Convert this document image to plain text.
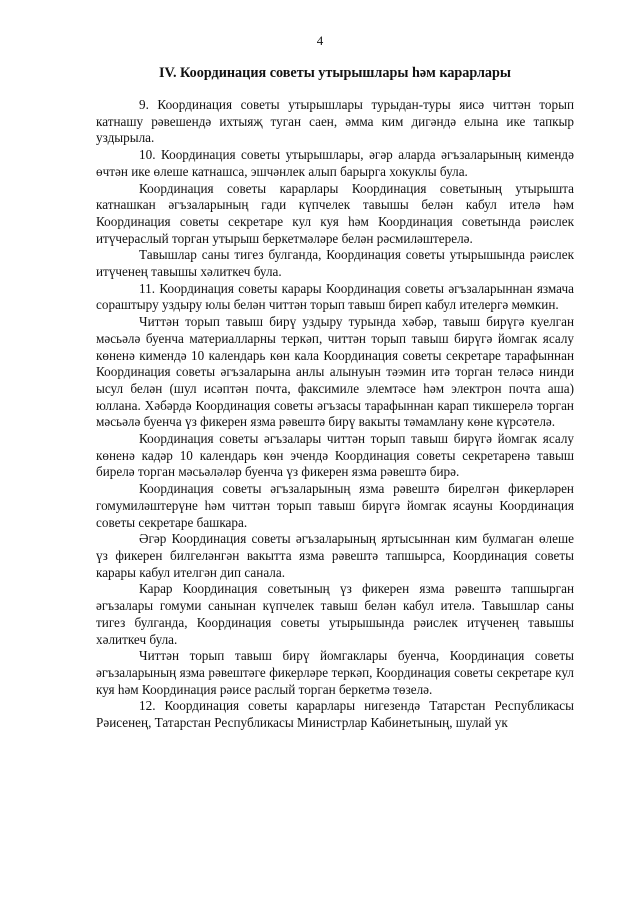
4
IV. Координация советы утырышлары һәм карарлары

9. Координация советы утырышлары турыдан-туры яисә читтән торып катнашу рәвешендә ихтыяҗ туган саен, әмма ким дигәндә елына ике тапкыр уздырыла.

10. Координация советы утырышлары, әгәр аларда әгъзаларының кимендә өчтән ике өлеше катнашса, эшчәнлек алып барырга хокуклы була.

Координация советы карарлары Координация советының утырышта катнашкан әгъзаларының гади күпчелек тавышы белән кабул ителә һәм Координация советы секретаре кул куя һәм Координация советында рәислек итүчераслый торган утырыш беркетмәләре белән рәсмиләштерелә.

Тавышлар саны тигез булганда, Координация советы утырышында рәислек итүченең тавышы хәлиткеч була.

11. Координация советы карары Координация советы әгъзаларыннан язмача сораштыру уздыру юлы белән читтән торып тавыш биреп кабул ителергә мөмкин.

Читтән торып тавыш бирү уздыру турында хәбәр, тавыш бирүгә куелган мәсьәлә буенча материалларны теркәп, читтән торып тавыш бирүгә йомгак ясалу көненә кимендә 10 календарь көн кала Координация советы секретаре тарафыннан Координация советы әгъзаларына анлы алынуын тәэмин итә торган теләсә нинди ысул белән (шул исәптән почта, факсимиле элемтәсе һәм электрон почта аша) юллана. Хәбәрдә Координация советы әгъзасы тарафыннан карап тикшерелә торган мәсьәлә буенча үз фикерен язма рәвештә бирү вакыты тәмамлану көне күрсәтелә.

Координация советы әгъзалары читтән торып тавыш бирүгә йомгак ясалу көненә кадәр 10 календарь көн эчендә Координация советы секретаренә тавыш бирелә торган мәсьәләләр буенча үз фикерен язма рәвештә бирә.

Координация советы әгъзаларының язма рәвештә бирелгән фикерләрен гомумиләштерүне һәм читтән торып тавыш бирүгә йомгак ясауны Координация советы секретаре башкара.

Әгәр Координация советы әгъзаларының яртысыннан ким булмаган өлеше үз фикерен билгеләнгән вакытта язма рәвештә тапшырса, Координация советы карары кабул ителгән дип санала.

Карар Координация советының үз фикерен язма рәвештә тапшырган әгъзалары гомуми санынан күпчелек тавыш белән кабул ителә. Тавышлар саны тигез булганда, Координация советы утырышында рәислек итүченең тавышы хәлиткеч була.

Читтән торып тавыш бирү йомгаклары буенча, Координация советы әгъзаларының язма рәвештәге фикерләре теркәп, Координация советы секретаре кул куя һәм Координация рәисе раслый торган беркетмә төзелә.

12. Координация советы карарлары нигезендә Татарстан Республикасы Рәисенең, Татарстан Республикасы Министрлар Кабинетының, шулай ук
